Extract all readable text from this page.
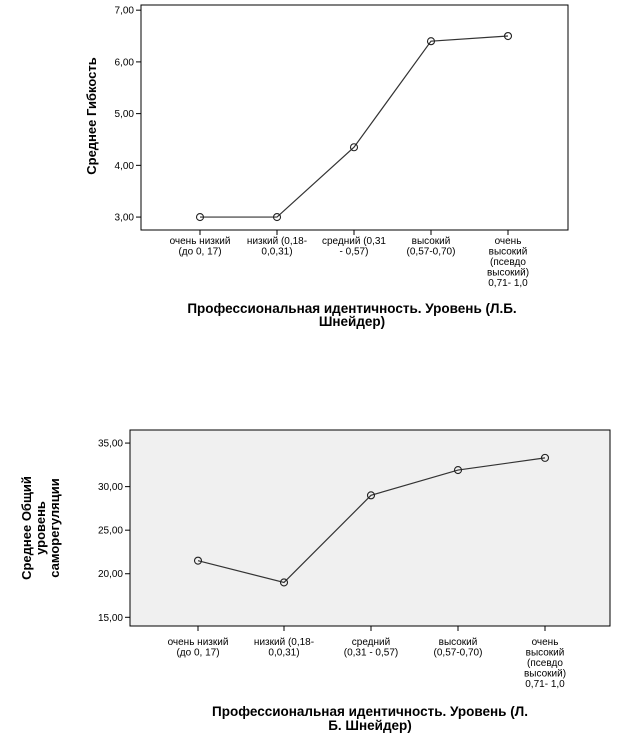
3,00
4,00
5,00
6,00
7,00
очень низкий (до 0, 17)
низкий (0,18-0,0,31)
средний (0,31 - 0,57)
высокий (0,57-0,70)
очень высокий (псевдо высокий) 0,71- 1,0
Среднее Гибкость
Профессиональная идентичность. Уровень (Л.Б. Шнейдер)
15,00
20,00
25,00
30,00
35,00
очень низкий (до 0, 17)
низкий (0,18-0,0,31)
средний (0,31 - 0,57)
высокий (0,57-0,70)
очень высокий (псевдо высокий) 0,71- 1,0
Среднее Общийуровеньсаморегуляции
Профессиональная идентичность. Уровень (Л. Б. Шнейдер)
